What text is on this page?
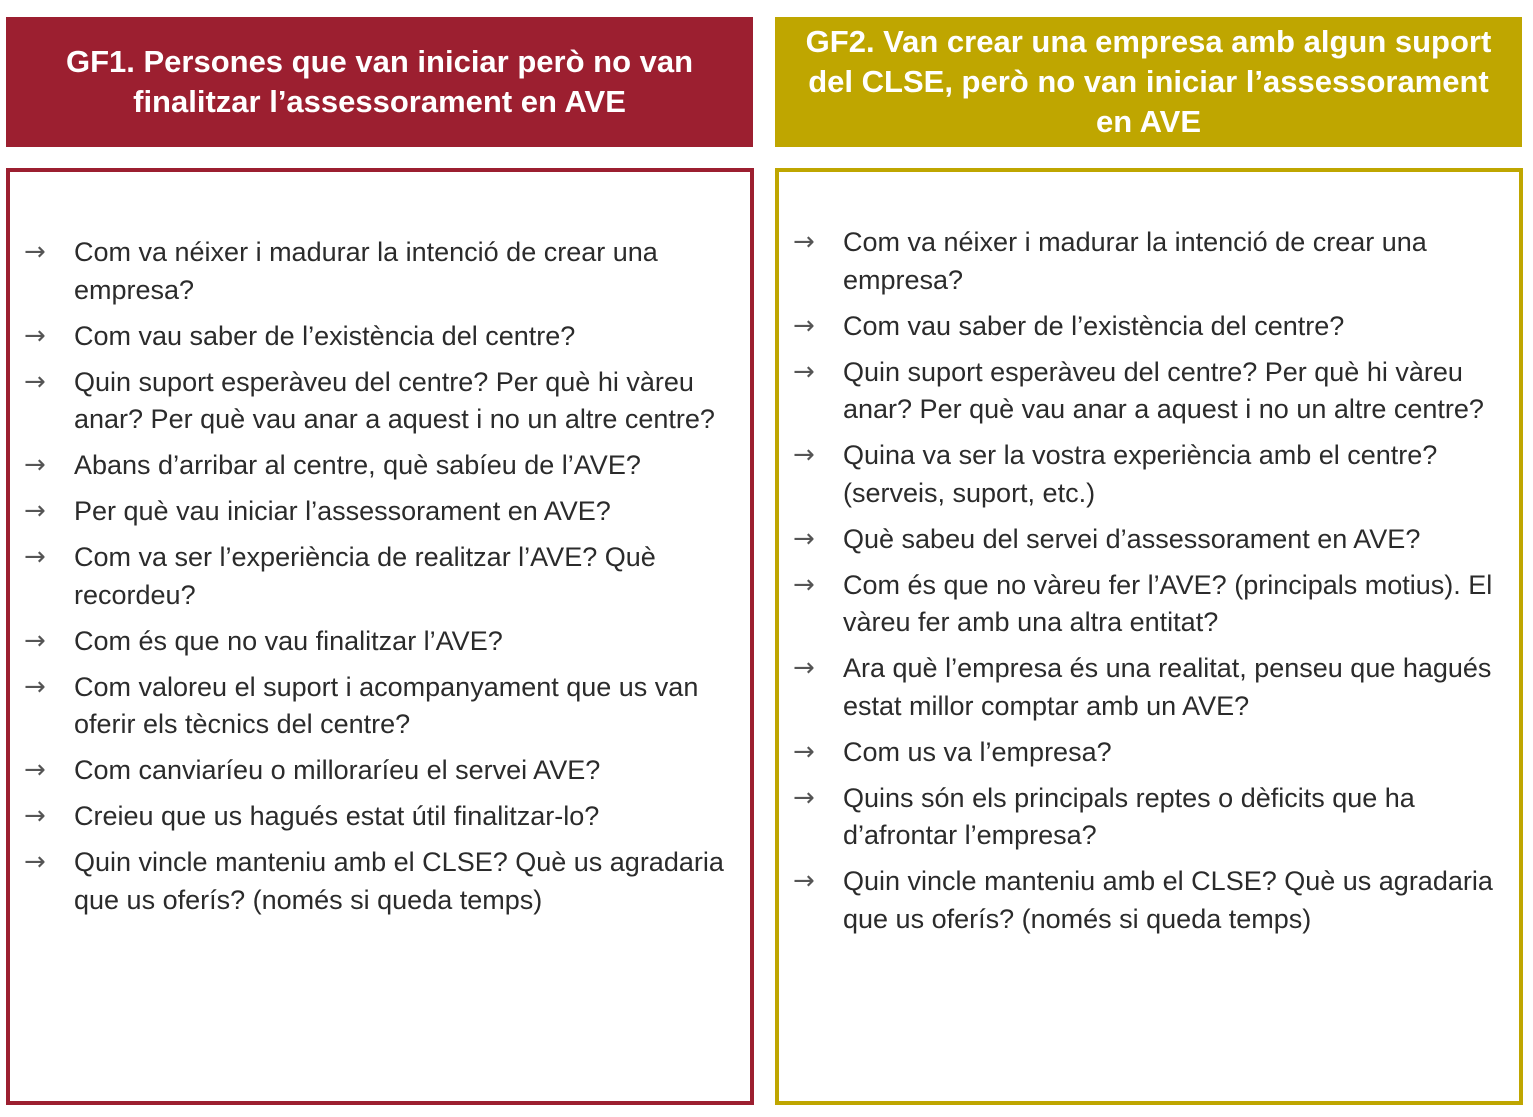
GF1. Persones que van iniciar però no van finalitzar l’assessorament en AVE
GF2. Van crear una empresa amb algun suport del CLSE, però no van iniciar l’assessorament en AVE
→ Com va néixer i madurar la intenció de crear una empresa?
→ Com vau saber de l’existència del centre?
→ Quin suport esperàveu del centre? Per què hi vàreu anar? Per què vau anar a aquest i no un altre centre?
→ Abans d’arribar al centre, què sabíeu de l’AVE?
→ Per què vau iniciar l’assessorament en AVE?
→ Com va ser l’experiència de realitzar l’AVE? Què recordeu?
→ Com és que no vau finalitzar l’AVE?
→ Com valoreu el suport i acompanyament que us van oferir els tècnics del centre?
→ Com canviaríeu o milloraríeu el servei AVE?
→ Creieu que us hagués estat útil finalitzar-lo?
→ Quin vincle manteniu amb el CLSE? Què us agradaria que us oferís? (només si queda temps)
→ Com va néixer i madurar la intenció de crear una empresa?
→ Com vau saber de l’existència del centre?
→ Quin suport esperàveu del centre? Per què hi vàreu anar? Per què vau anar a aquest i no un altre centre?
→ Quina va ser la vostra experiència amb el centre? (serveis, suport, etc.)
→ Què sabeu del servei d’assessorament en AVE?
→ Com és que no vàreu fer l’AVE? (principals motius). El vàreu fer amb una altra entitat?
→ Ara què l’empresa és una realitat, penseu que hagués estat millor comptar amb un AVE?
→ Com us va l’empresa?
→ Quins són els principals reptes o dèficits que ha d’afrontar l’empresa?
→ Quin vincle manteniu amb el CLSE? Què us agradaria que us oferís? (només si queda temps)
